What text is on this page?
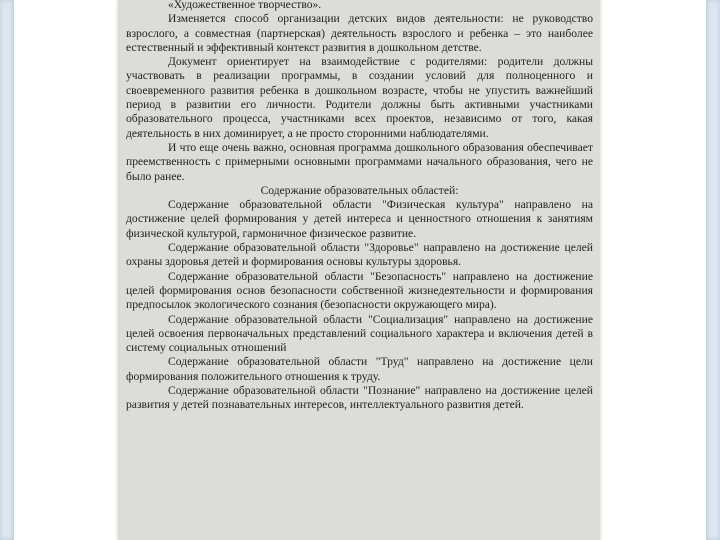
«Художественное творчество».

Изменяется способ организации детских видов деятельности: не руководство взрослого, а совместная (партнерская) деятельность взрослого и ребенка – это наиболее естественный и эффективный контекст развития в дошкольном детстве.

Документ ориентирует на взаимодействие с родителями: родители должны участвовать в реализации программы, в создании условий для полноценного и своевременного развития ребенка в дошкольном возрасте, чтобы не упустить важнейший период в развитии его личности. Родители должны быть активными участниками образовательного процесса, участниками всех проектов, независимо от того, какая деятельность в них доминирует, а не просто сторонними наблюдателями.

И что еще очень важно, основная программа дошкольного образования обеспечивает преемственность с примерными основными программами начального образования, чего не было ранее.

Содержание образовательных областей:

Содержание образовательной области "Физическая культура" направлено на достижение целей формирования у детей интереса и ценностного отношения к занятиям физической культурой, гармоничное физическое развитие.

Содержание образовательной области "Здоровье" направлено на достижение целей охраны здоровья детей и формирования основы культуры здоровья.

Содержание образовательной области "Безопасность" направлено на достижение целей формирования основ безопасности собственной жизнедеятельности и формирования предпосылок экологического сознания (безопасности окружающего мира).

Содержание образовательной области "Социализация" направлено на достижение целей освоения первоначальных представлений социального характера и включения детей в систему социальных отношений

Содержание образовательной области "Труд" направлено на достижение цели формирования положительного отношения к труду.

Содержание образовательной области "Познание" направлено на достижение целей развития у детей познавательных интересов, интеллектуального развития детей.
